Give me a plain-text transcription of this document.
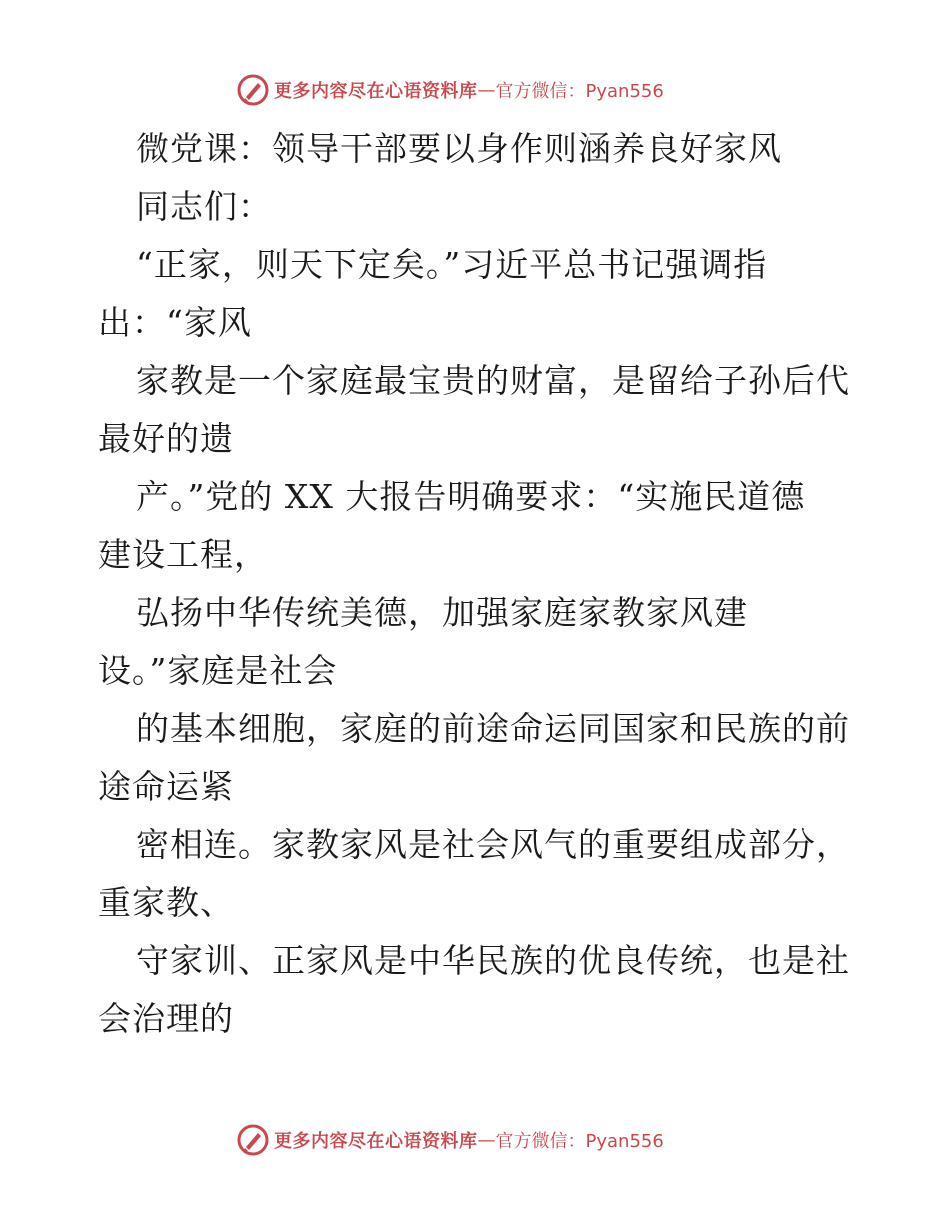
更多内容尽在心语资料库 — 官方微信：Pyan556
微党课：领导干部要以身作则涵养良好家风
同志们：
“正家，则天下定矣。”习近平总书记强调指
出：“家风
家教是一个家庭最宝贵的财富，是留给子孙后代
最好的遗
产。”党的 XX 大报告明确要求：“实施民道德
建设工程，
弘扬中华传统美德，加强家庭家教家风建
设。”家庭是社会
的基本细胞，家庭的前途命运同国家和民族的前
途命运紧
密相连。家教家风是社会风气的重要组成部分，
重家教、
守家训、正家风是中华民族的优良传统，也是社
会治理的
更多内容尽在心语资料库 — 官方微信：Pyan556
